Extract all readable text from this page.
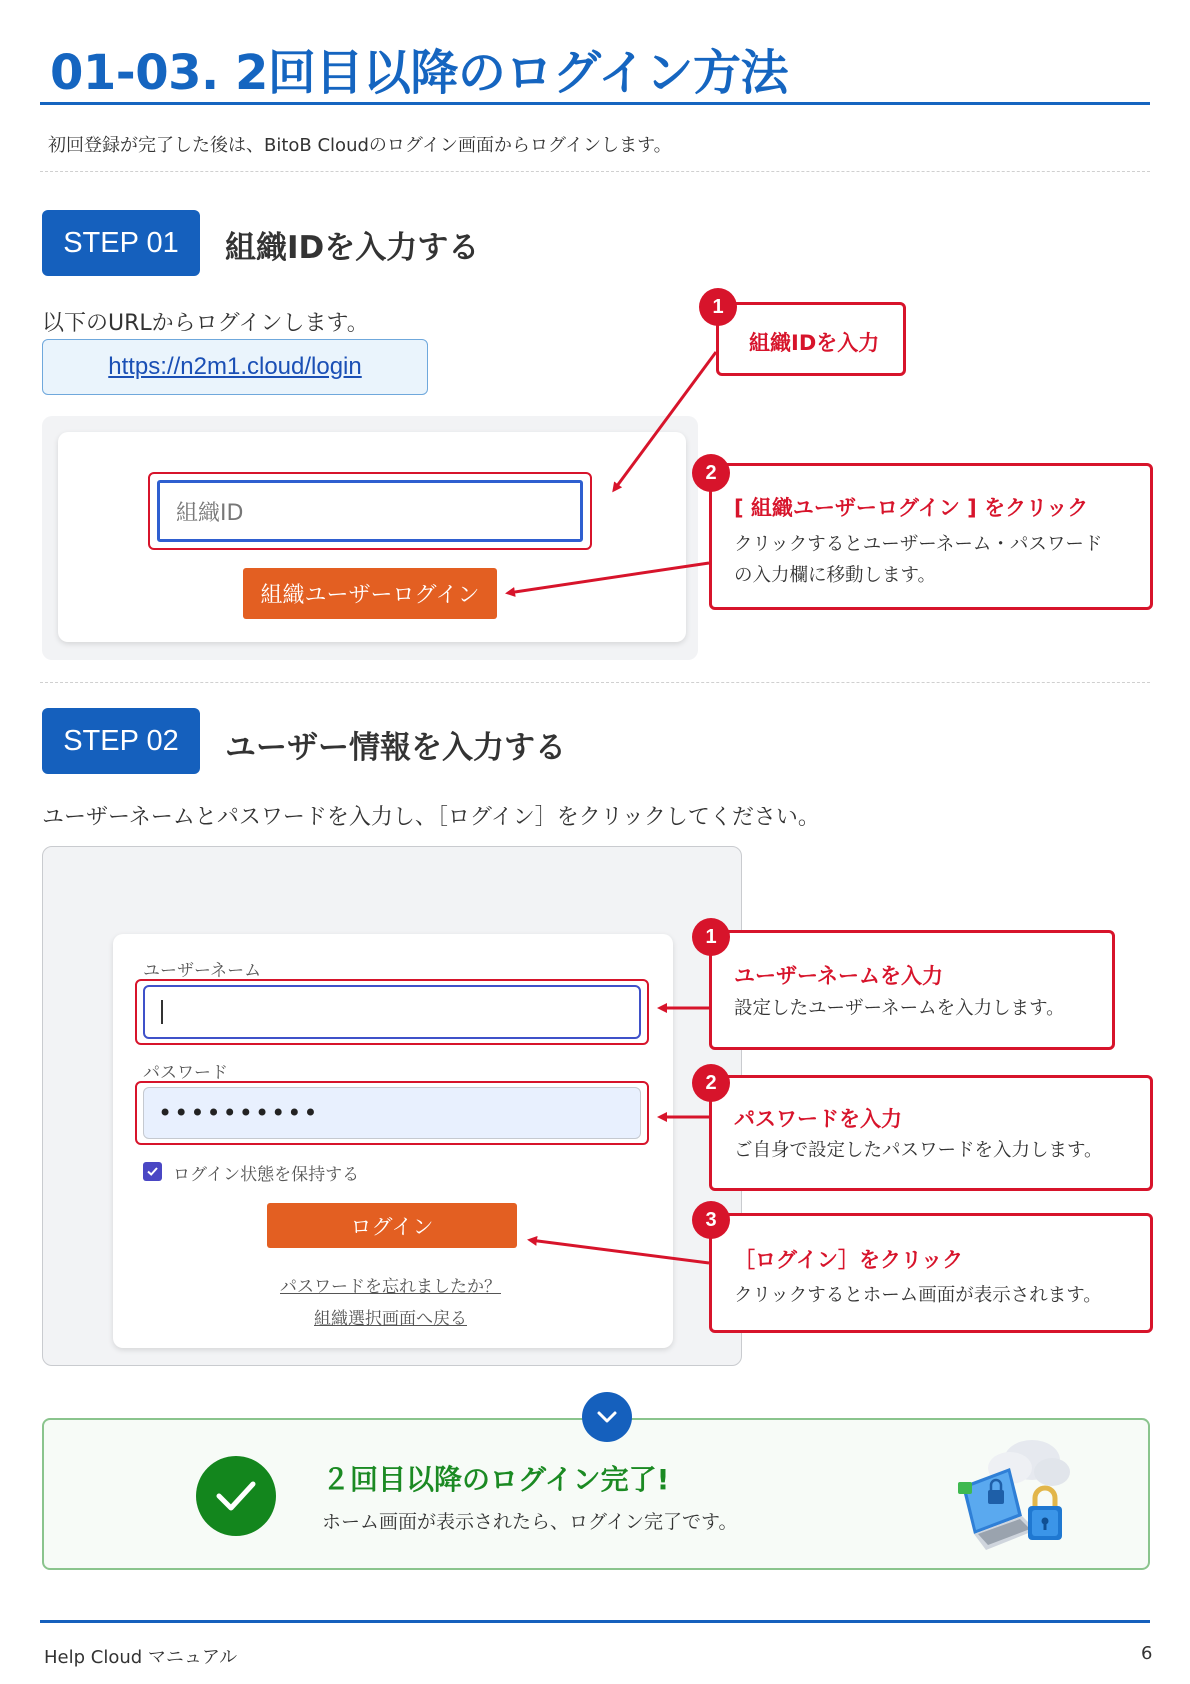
01-03. 2回目以降のログイン方法

初回登録が完了した後は、BitoB Cloudのログイン画面からログインします。

STEP 01	組織IDを入力する

以下のURLからログインします。

https://n2m1.cloud/login
組織ID
組織ユーザーログイン
組織IDを入力
1
[ 組織ユーザーログイン ] をクリック
クリックするとユーザーネーム・パスワード
の入力欄に移動します。
2
STEP 02	ユーザー情報を入力する

ユーザーネームとパスワードを入力し、［ログイン］をクリックしてください。

ユーザーネーム
パスワード
••••••••••
ログイン状態を保持する
ログイン
パスワードを忘れましたか？
組織選択画面へ戻る
ユーザーネームを入力
設定したユーザーネームを入力します。
1
パスワードを入力
ご自身で設定したパスワードを入力します。
2
［ログイン］をクリック
クリックするとホーム画面が表示されます。
3
２回目以降のログイン完了!
ホーム画面が表示されたら、ログイン完了です。
Help Cloud マニュアル	6
